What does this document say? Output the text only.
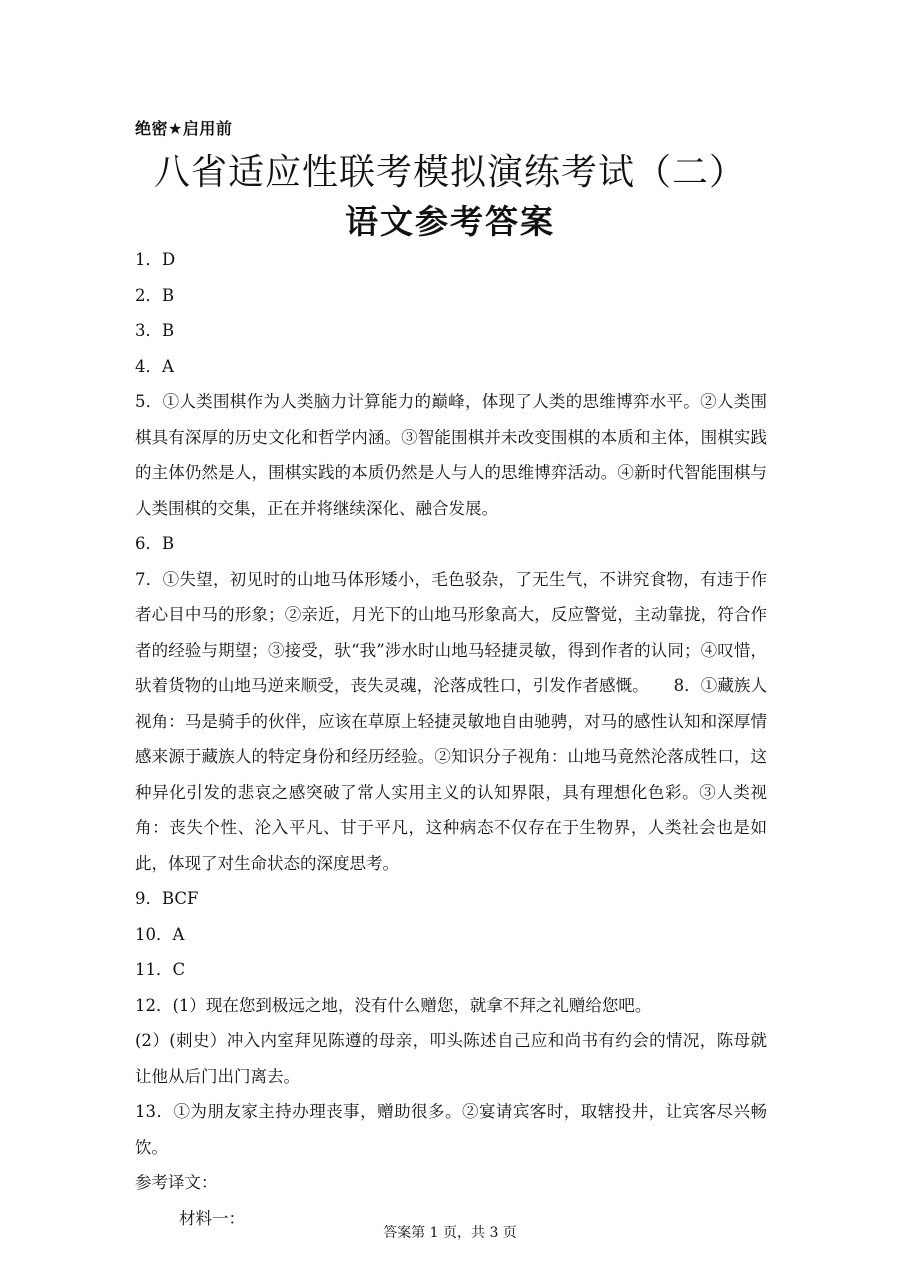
绝密★启用前
八省适应性联考模拟演练考试（二）
语文参考答案

1．D

2．B

3．B

4．A

5．①人类围棋作为人类脑力计算能力的巅峰，体现了人类的思维博弈水平。②人类围棋具有深厚的历史文化和哲学内涵。③智能围棋并未改变围棋的本质和主体，围棋实践的主体仍然是人，围棋实践的本质仍然是人与人的思维博弈活动。④新时代智能围棋与人类围棋的交集，正在并将继续深化、融合发展。

6．B

7．①失望，初见时的山地马体形矮小，毛色驳杂，了无生气，不讲究食物，有违于作者心目中马的形象；②亲近，月光下的山地马形象高大，反应警觉，主动靠拢，符合作者的经验与期望；③接受，驮“我”涉水时山地马轻捷灵敏，得到作者的认同；④叹惜，驮着货物的山地马逆来顺受，丧失灵魂，沦落成牲口，引发作者感慨。　　8．①藏族人视角：马是骑手的伙伴，应该在草原上轻捷灵敏地自由驰骋，对马的感性认知和深厚情感来源于藏族人的特定身份和经历经验。②知识分子视角：山地马竟然沦落成牲口，这种异化引发的悲哀之感突破了常人实用主义的认知界限，具有理想化色彩。③人类视角：丧失个性、沦入平凡、甘于平凡，这种病态不仅存在于生物界，人类社会也是如此，体现了对生命状态的深度思考。

9．BCF

10．A

11．C

12．(1）现在您到极远之地，没有什么赠您，就拿不拜之礼赠给您吧。

(2）(刺史）冲入内室拜见陈遵的母亲，叩头陈述自己应和尚书有约会的情况，陈母就让他从后门出门离去。

13．①为朋友家主持办理丧事，赠助很多。②宴请宾客时，取辖投井，让宾客尽兴畅饮。

参考译文：

材料一：

答案第 1 页，共 3 页
